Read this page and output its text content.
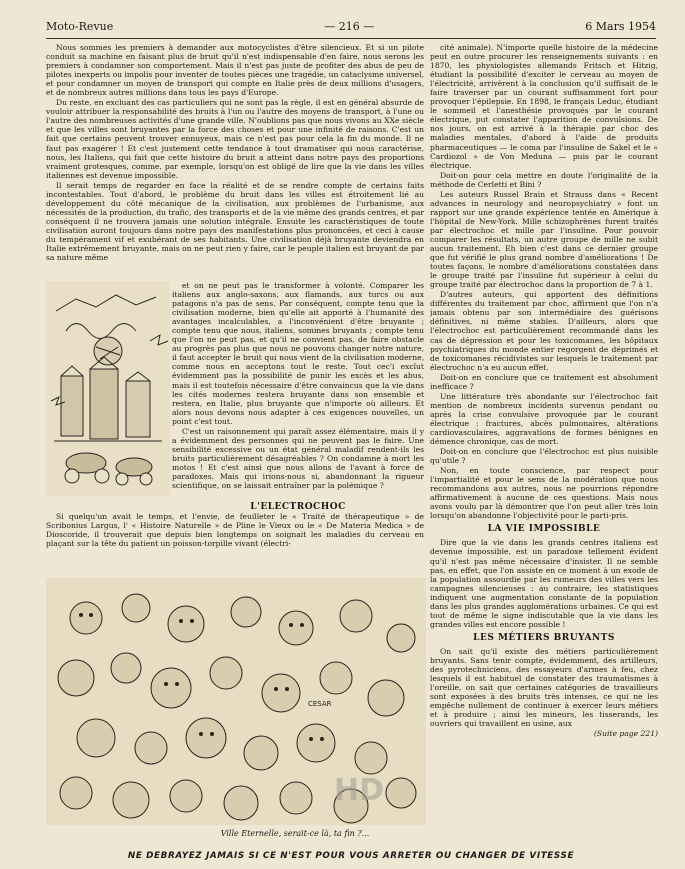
Moto-Revue	— 216 —	6 Mars 1954

Nous sommes les premiers à demander aux motocyclistes d'être silencieux. Et si un pilote conduit sa machine en faisant plus de bruit qu'il n'est indispensable d'en faire, nous serons les premiers à condamner son comportement. Mais il n'est pas juste de profiter des abus de peu de pilotes inexperts ou impolis pour inventer de toutes pièces une tragédie, un cataclysme universel, et pour condamner un moyen de transport qui compte en Italie près de deux millions d'usagers, et de nombreux autres millions dans tous les pays d'Europe.

Du reste, en excluant des cas particuliers qui ne sont pas la règle, il est en général absurde de vouloir attribuer la responsabilité des bruits à l'un ou l'autre des moyens de transport, à l'une ou l'autre des nombreuses activités d'une grande ville. N'oublions pas que nous vivons au XXe siècle et que les villes sont bruyantes par la force des choses et pour une infinité de raisons. C'est un fait que certains peuvent trouver ennuyeux, mais ce n'est pas pour cela la fin du monde. Il ne faut pas exagérer ! Et c'est justement cette tendance à tout dramatiser qui nous caractérise, nous, les Italiens, qui fait que cette histoire du bruit a atteint dans notre pays des proportions vraiment grotesques, comme, par exemple, lorsqu'on est obligé de lire que la vie dans les villes italiennes est devenue impossible.

Il serait temps de regarder en face la réalité et de se rendre compte de certains faits incontestables. Tout d'abord, le problème du bruit dans les villes est étroitement lié au développement du côté mécanique de la civilisation, aux problèmes de l'urbanisme, aux nécessités de la production, du trafic, des transports et de la vie même des grands centres, et par conséquent il ne trouvera jamais une solution intégrale. Ensuite les caractéristiques de toute civilisation auront toujours dans notre pays des manifestations plus prononcées, et ceci à cause du tempérament vif et exubérant de ses habitants. Une civilisation déjà bruyante deviendra en Italie extrêmement bruyante, mais on ne peut rien y faire, car le peuple italien est bruyant de par sa nature même

et on ne peut pas le transformer à volonté. Comparer les italiens aux anglo-saxons, aux flamands, aux turcs ou aux patagons n'a pas de sens. Par conséquent, compte tenu que la civilisation moderne, bien qu'elle ait apporté à l'humanité des avantages incalculables, a l'inconvénient d'être bruyante ; compte tenu que nous, italiens, sommes bruyants ; compte tenu que l'on ne peut pas, et qu'il ne convient pas, de faire obstacle au progrès pas plus que nous ne pouvons changer notre nature, il faut accepter le bruit qui nous vient de la civilisation moderne, comme nous en acceptons tout le reste. Tout cec'i exclut évidemment pas la possibilité de punir les excès et les abus, mais il est toutefois nécessaire d'être convaincus que la vie dans les cités modernes restera bruyante dans son ensemble et restera, en Italie, plus bruyante que n'importe où ailleurs. Et alors nous devons nous adapter à ces exigences nouvelles, un point c'est tout.

C'est un raisonnement qui paraît assez élémentaire, mais il y a évidemment des personnes qui ne peuvent pas le faire. Une sensibilité excessive ou un état général maladif rendent-ils les bruits particulièrement désagréables ? On condamne à mort les motos ! Et c'est ainsi que nous allons de l'avant à force de paradoxes. Mais qui irions-nous si, abandonnant la rigueur scientifique, on se laissait entraîner par la polémique ?

L'ELECTROCHOC

Si quelqu'un avait le temps, et l'envie, de feuilleter le « Traité de thérapeutique » de Scribonius Largus, l' « Histoire Naturelle » de Pline le Vieux ou le « De Materia Medica » de Dioscoride, il trouverait que depuis bien longtemps on soignait les maladies du cerveau en plaçant sur la tête du patient un poisson-torpille vivant (électri-

CESAR
HD
Ville Eternelle, serait-ce là, ta fin ?...

cité animale). N'importe quelle histoire de la médecine peut en outre procurer les renseignements suivants : en 1870, les physiologistes allemands Fritsch et Hitzig, étudiant la possibilité d'exciter le cerveau au moyen de l'électricité, arrivèrent à la conclusion qu'il suffisait de le faire traverser par un courant suffisamment fort pour provoquer l'épilepsie. En 1898, le français Leduc, étudiant le sommeil et l'anesthésie provoqués par le courant électrique, put constater l'apparition de convulsions. De nos jours, on est arrivé à la thérapie par choc des maladies mentales, d'abord à l'aide de produits pharmaceutiques — le coma par l'insuline de Sakel et le « Cardiozol » de Von Meduna — puis par le courant électrique.

Doit-on pour cela mettre en doute l'originalité de la méthode de Cerletti et Bini ?

Les auteurs Russel Brain et Strauss dans « Recent advances in neurology and neuropsychiatry » font un rapport sur une grande expérience tentée en Amérique à l'hôpital de New-York. Mille schizophrènes furent traités par électrochoc et mille par l'insuline. Pour pouvoir comparer les résultats, un autre groupe de mille ne subit aucun traitement. Eh bien c'est dans ce dernier groupe que fut vérifié le plus grand nombre d'améliorations ! De toutes façons, le nombre d'améliorations constatées dans le groupe traité par l'insuline fut supérieur à celui du groupe traité par électrochoc dans la proportion de 7 à 1.

D'autres auteurs, qui apportent des définitions différentes du traitement par choc, affirment que l'on n'a jamais obtenu par son intermédiaire des guérisons définitives, ni même stables. D'ailleurs, alors que l'électrochoc est particulièrement recommandé dans les cas de dépression et pour les toxicomanes, les hôpitaux psychiatriques du monde entier regorgent de déprimés et de toxicomanes récidivistes sur lesquels le traitement par électrochoc n'a eu aucun effet.

Doit-on en conclure que ce traitement est absolument inefficace ?

Une littérature très abondante sur l'électrochoc fait mention de nombreux incidents survenus pendant ou après la crise convulsive provoquée par le courant électrique : fractures, abcès pulmonaires, altérations cardiovasculaires, aggravations de formes bénignes en démence chronique, cas de mort.

Doit-on en conclure que l'électrochoc est plus nuisible qu'utile ?

Non, en toute conscience, par respect pour l'impartialité et pour le sens de la modération que nous recommandons aux autres, nous ne pourrions répondre affirmativement à aucune de ces questions. Mais nous avons voulu par là démontrer que l'on peut aller très loin lorsqu'on abandonne l'objectivité pour le parti-pris.

LA VIE IMPOSSIBLE

Dire que la vie dans les grands centres italiens est devenue impossible, est un paradoxe tellement évident qu'il n'est pas même nécessaire d'insister. Il ne semble pas, en effet, que l'on assiste en ce moment à un exode de la population assourdie par les rumeurs des villes vers les campagnes silencieuses : au contraire, les statistiques indiquent une augmentation constante de la population dans les plus grandes agglomérations urbaines. Ce qui est tout de même le signe indiscutable que la vie dans les grandes villes est encore possible !

LES MÉTIERS BRUYANTS

On sait qu'il existe des métiers particulièrement bruyants. Sans tenir compte, évidemment, des artilleurs, des pyrotechniciens, des essayeurs d'armes à feu, chez lesquels il est habituel de constater des traumatismes à l'oreille, on sait que certaines catégories de travailleurs sont exposées à des bruits très intenses, ce qui ne les empêche nullement de continuer à exercer leurs métiers et à produire ; ainsi les mineurs, les tisserands, les ouvriers qui travaillent en usine, aux

(Suite page 221)
NE DEBRAYEZ JAMAIS SI CE N'EST POUR VOUS ARRETER OU CHANGER DE VITESSE
